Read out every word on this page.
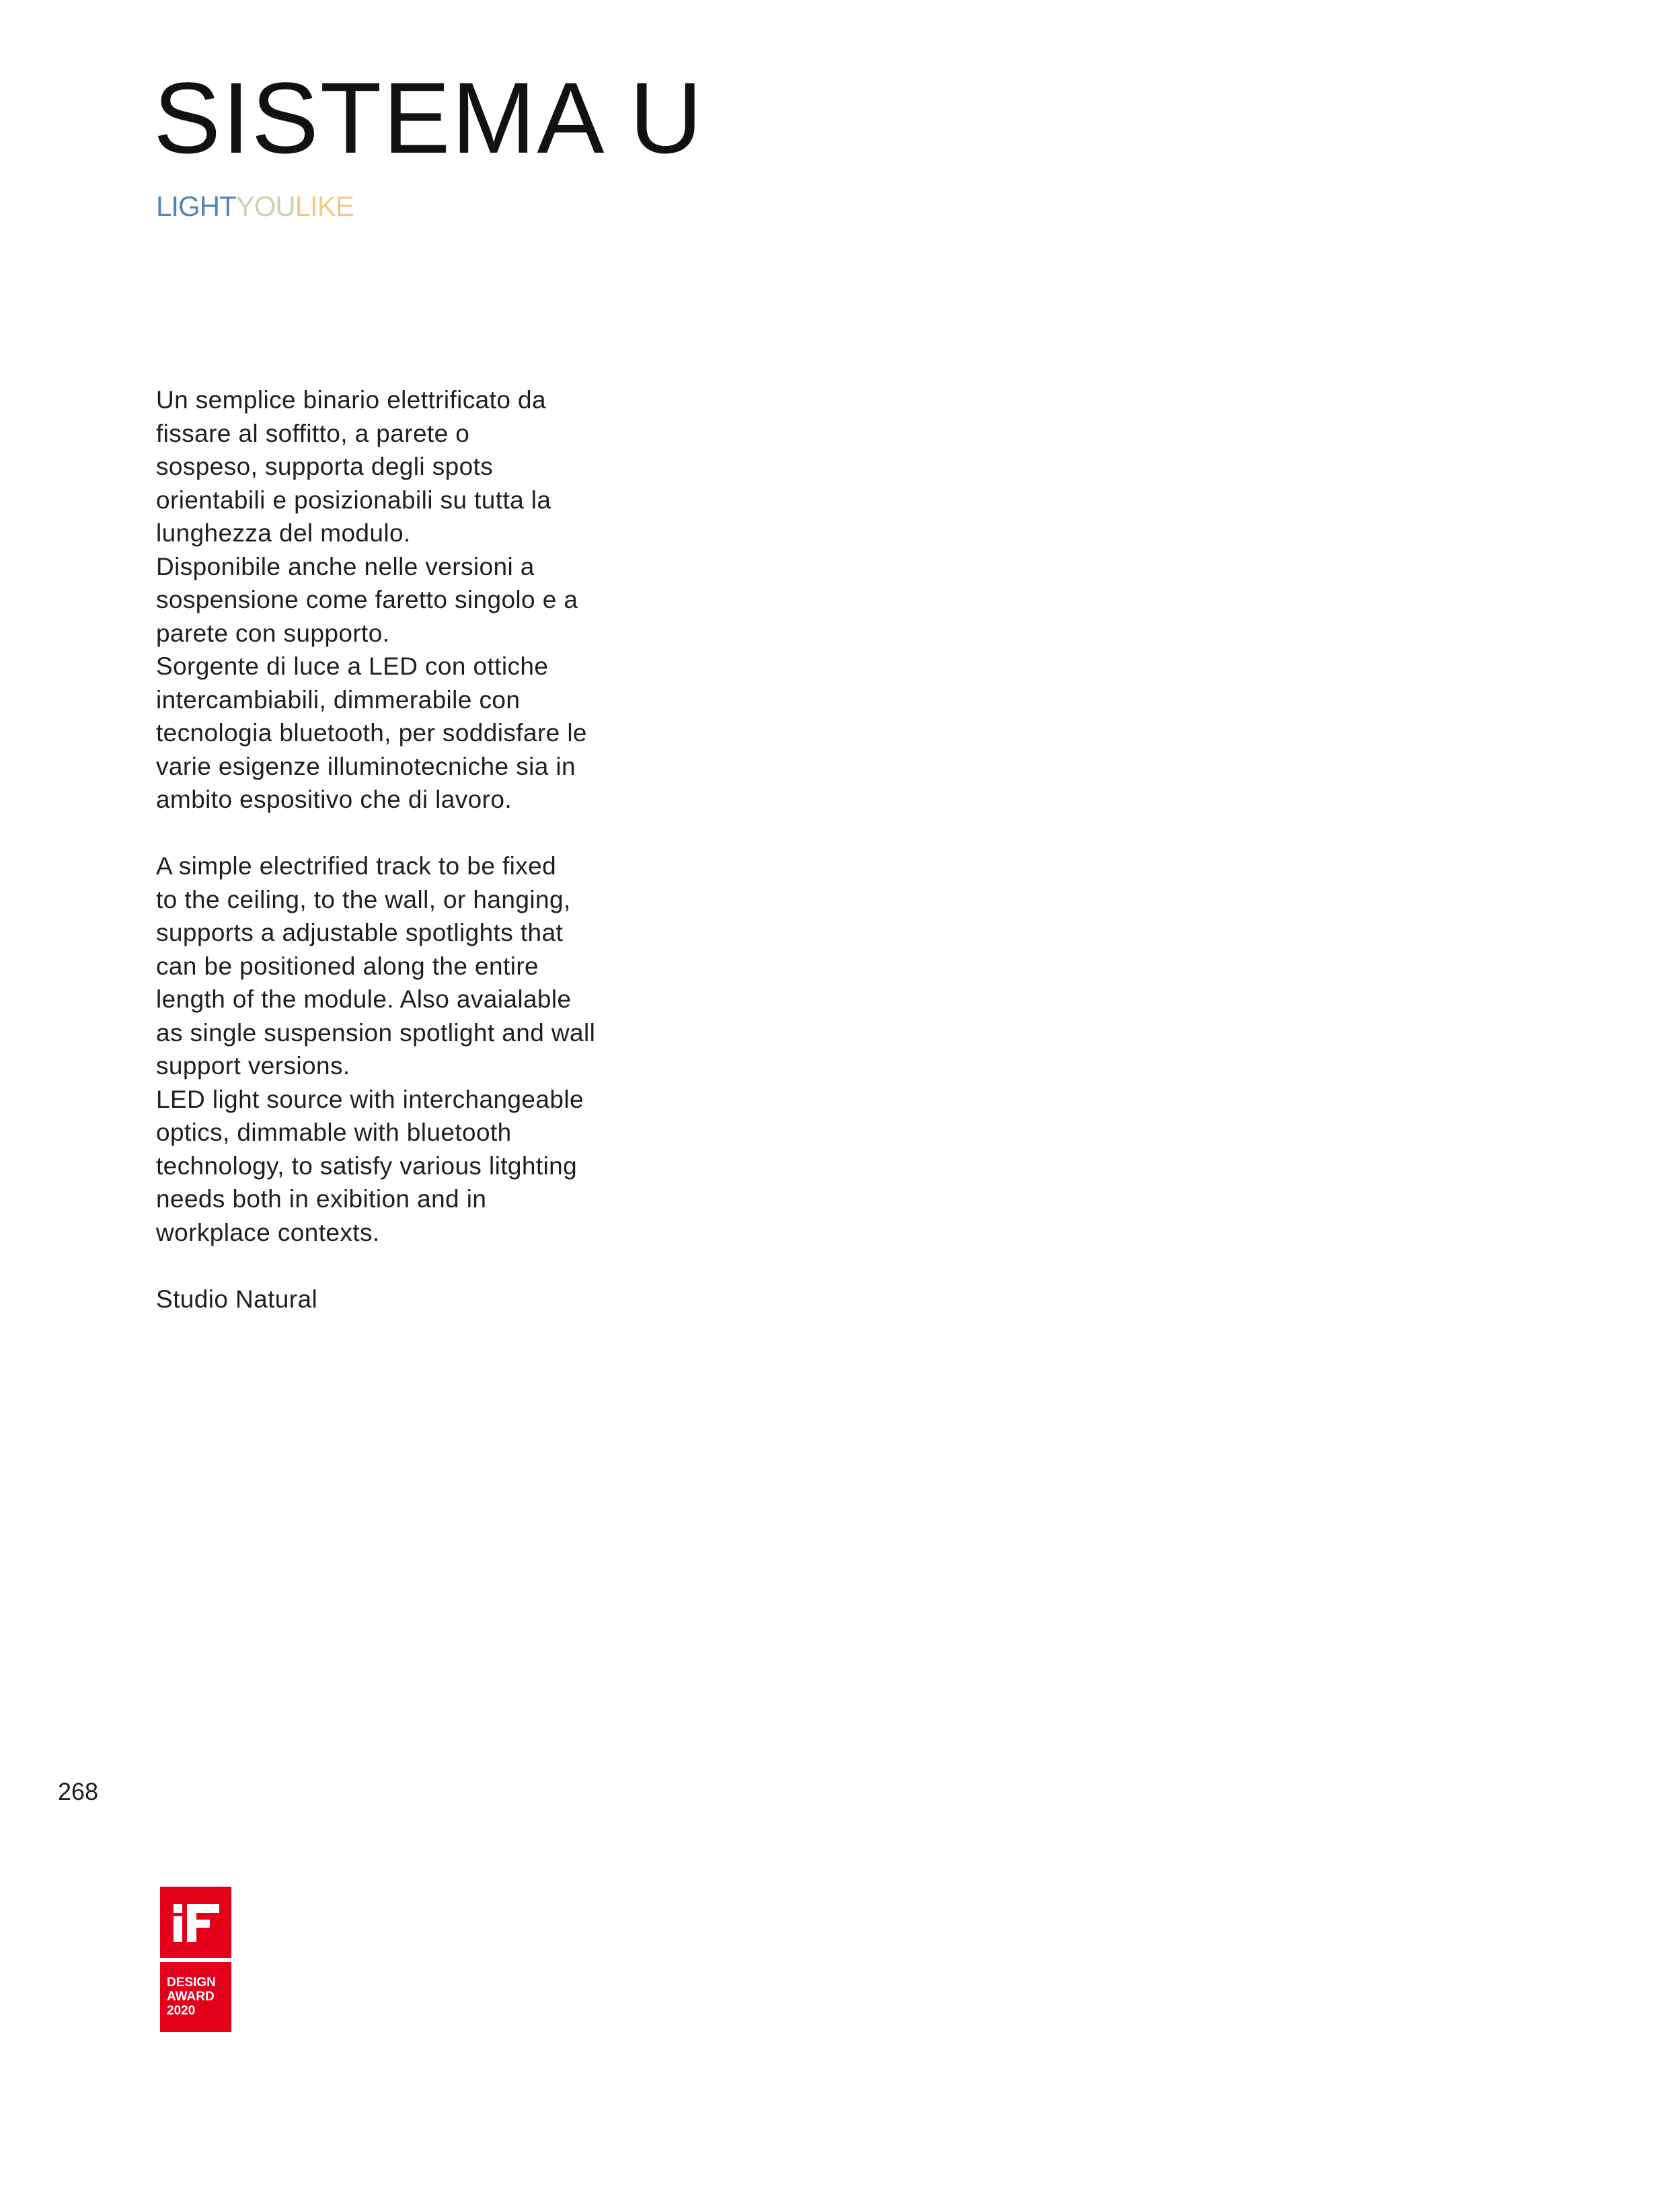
SISTEMA U
LIGHTYOULIKE

Un semplice binario elettrificato da
fissare al soffitto, a parete o
sospeso, supporta degli spots
orientabili e posizionabili su tutta la
lunghezza del modulo.
Disponibile anche nelle versioni a
sospensione come faretto singolo e a
parete con supporto.
Sorgente di luce a LED con ottiche
intercambiabili, dimmerabile con
tecnologia bluetooth, per soddisfare le
varie esigenze illuminotecniche sia in
ambito espositivo che di lavoro.

A simple electrified track to be fixed
to the ceiling, to the wall, or hanging,
supports a adjustable spotlights that
can be positioned along the entire
length of the module. Also avaialable
as single suspension spotlight and wall
support versions.
LED light source with interchangeable
optics, dimmable with bluetooth
technology, to satisfy various litghting
needs both in exibition and in
workplace contexts.

Studio Natural

268
DESIGN
AWARD
2020
